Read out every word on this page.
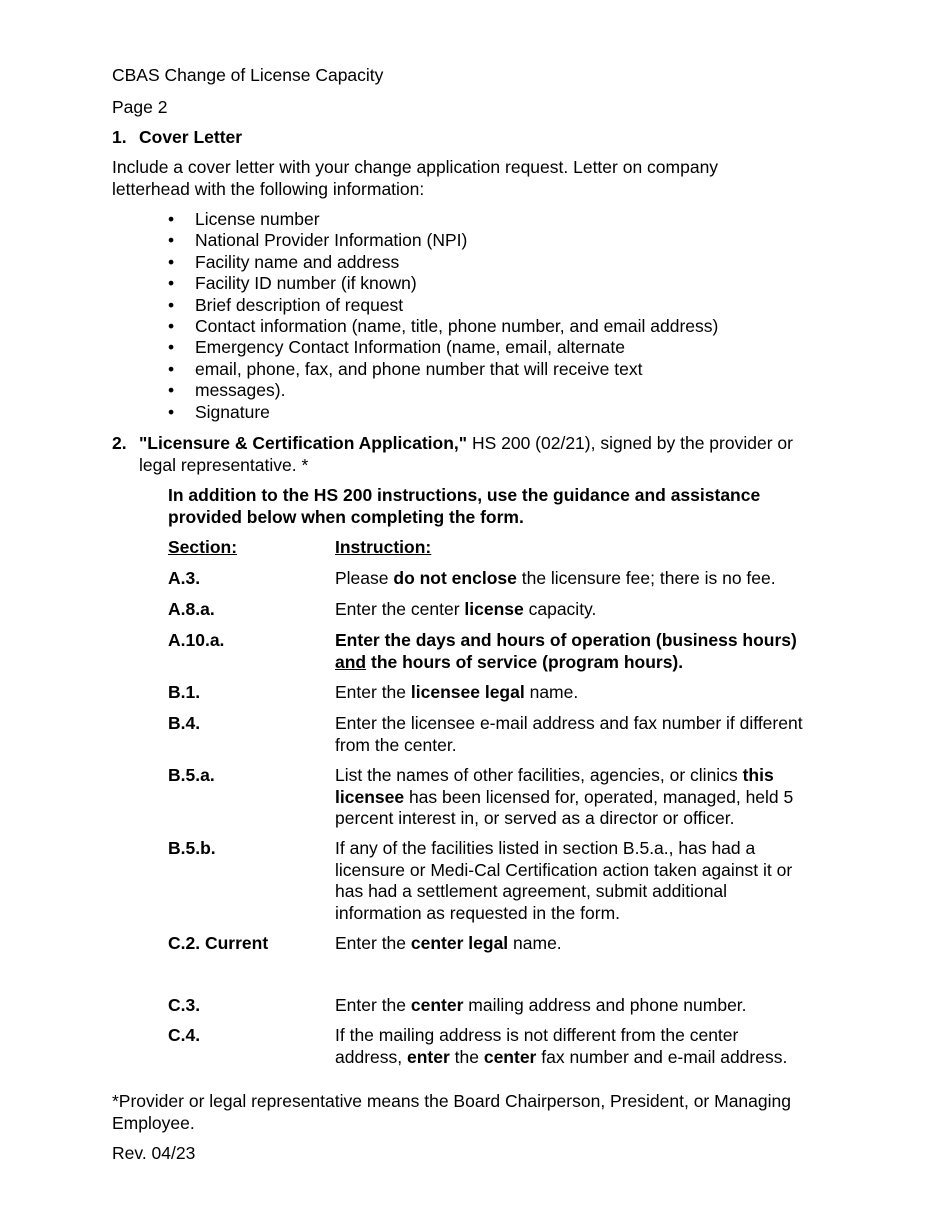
CBAS Change of License Capacity

Page 2

1. Cover Letter

Include a cover letter with your change application request. Letter on company

letterhead with the following information:

• License number
• National Provider Information (NPI)
• Facility name and address
• Facility ID number (if known)
• Brief description of request
• Contact information (name, title, phone number, and email address)
• Emergency Contact Information (name, email, alternate
• email, phone, fax, and phone number that will receive text
• messages).
• Signature
2. "Licensure & Certification Application," HS 200 (02/21), signed by the provider or

legal representative. *

In addition to the HS 200 instructions, use the guidance and assistance

provided below when completing the form.

Section:	Instruction:
A.3.	Please do not enclose the licensure fee; there is no fee.
A.8.a.	Enter the center license capacity.
A.10.a.	Enter the days and hours of operation (business hours)
and the hours of service (program hours).
B.1.	Enter the licensee legal name.
B.4.	Enter the licensee e-mail address and fax number if different
from the center.
B.5.a.	List the names of other facilities, agencies, or clinics this
licensee has been licensed for, operated, managed, held 5
percent interest in, or served as a director or officer.
B.5.b.	If any of the facilities listed in section B.5.a., has had a
licensure or Medi-Cal Certification action taken against it or
has had a settlement agreement, submit additional
information as requested in the form.
C.2. Current	Enter the center legal name.
C.3.	Enter the center mailing address and phone number.
C.4.	If the mailing address is not different from the center
address, enter the center fax number and e-mail address.

*Provider or legal representative means the Board Chairperson, President, or Managing

Employee.

Rev. 04/23
